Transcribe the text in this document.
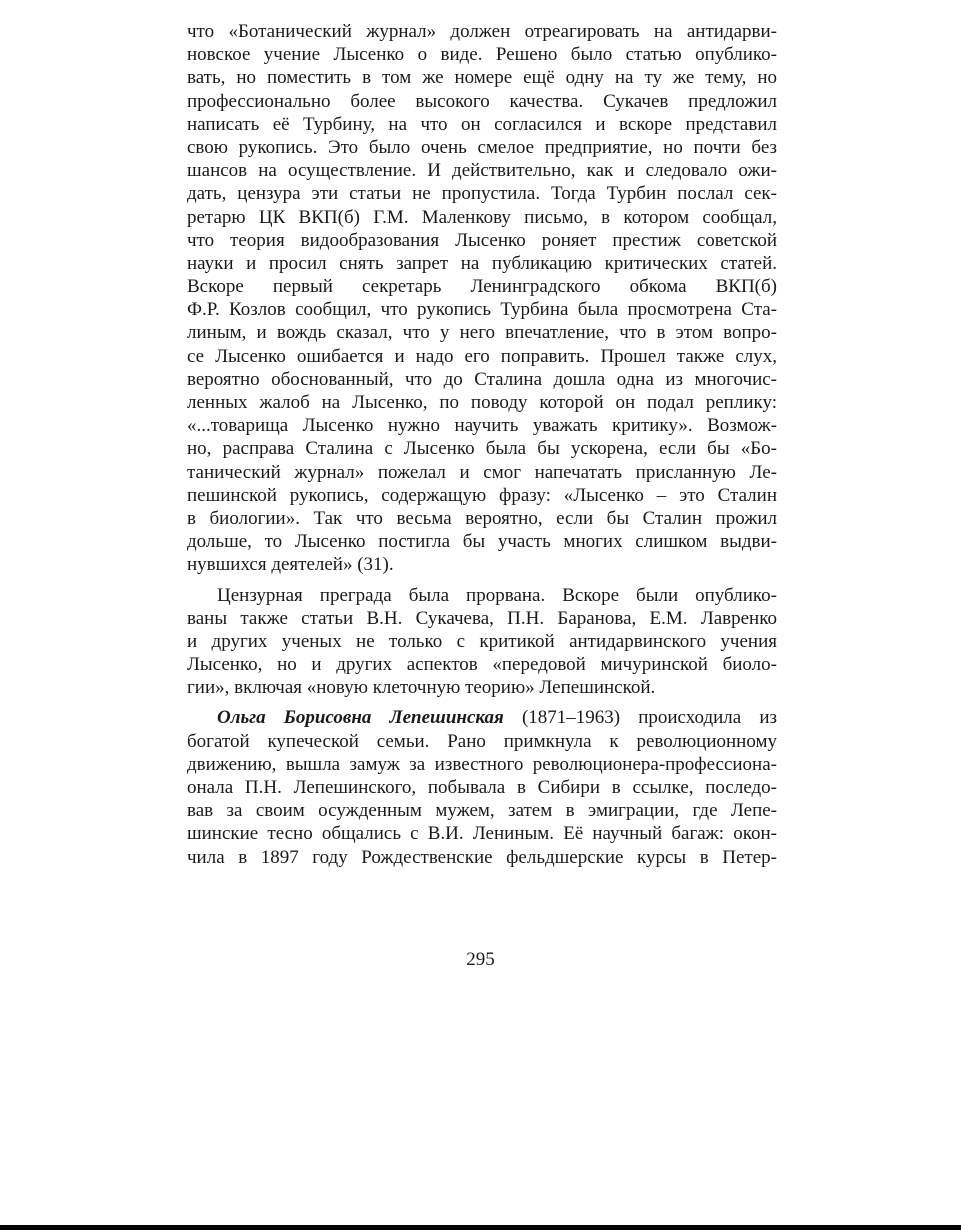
что «Ботанический журнал» должен отреагировать на антидарви-
новское учение Лысенко о виде. Решено было статью опублико-
вать, но поместить в том же номере ещё одну на ту же тему, но
профессионально более высокого качества. Сукачев предложил
написать её Турбину, на что он согласился и вскоре представил
свою рукопись. Это было очень смелое предприятие, но почти без
шансов на осуществление. И действительно, как и следовало ожи-
дать, цензура эти статьи не пропустила. Тогда Турбин послал сек-
ретарю ЦК ВКП(б) Г.М. Маленкову письмо, в котором сообщал,
что теория видообразования Лысенко роняет престиж советской
науки и просил снять запрет на публикацию критических статей.
Вскоре первый секретарь Ленинградского обкома ВКП(б)
Ф.Р. Козлов сообщил, что рукопись Турбина была просмотрена Ста-
линым, и вождь сказал, что у него впечатление, что в этом вопро-
се Лысенко ошибается и надо его поправить. Прошел также слух,
вероятно обоснованный, что до Сталина дошла одна из многочис-
ленных жалоб на Лысенко, по поводу которой он подал реплику:
«...товарища Лысенко нужно научить уважать критику». Возмож-
но, расправа Сталина с Лысенко была бы ускорена, если бы «Бо-
танический журнал» пожелал и смог напечатать присланную Ле-
пешинской рукопись, содержащую фразу: «Лысенко – это Сталин
в биологии». Так что весьма вероятно, если бы Сталин прожил
дольше, то Лысенко постигла бы участь многих слишком выдви-
нувшихся деятелей» (31).
Цензурная преграда была прорвана. Вскоре были опублико-
ваны также статьи В.Н. Сукачева, П.Н. Баранова, Е.М. Лавренко
и других ученых не только с критикой антидарвинского учения
Лысенко, но и других аспектов «передовой мичуринской биоло-
гии», включая «новую клеточную теорию» Лепешинской.
Ольга Борисовна Лепешинская (1871–1963) происходила из
богатой купеческой семьи. Рано примкнула к революционному
движению, вышла замуж за известного революционера-профессиона-
онала П.Н. Лепешинского, побывала в Сибири в ссылке, последо-
вав за своим осужденным мужем, затем в эмиграции, где Лепе-
шинские тесно общались с В.И. Лениным. Её научный багаж: окон-
чила в 1897 году Рождественские фельдшерские курсы в Петер-
295
